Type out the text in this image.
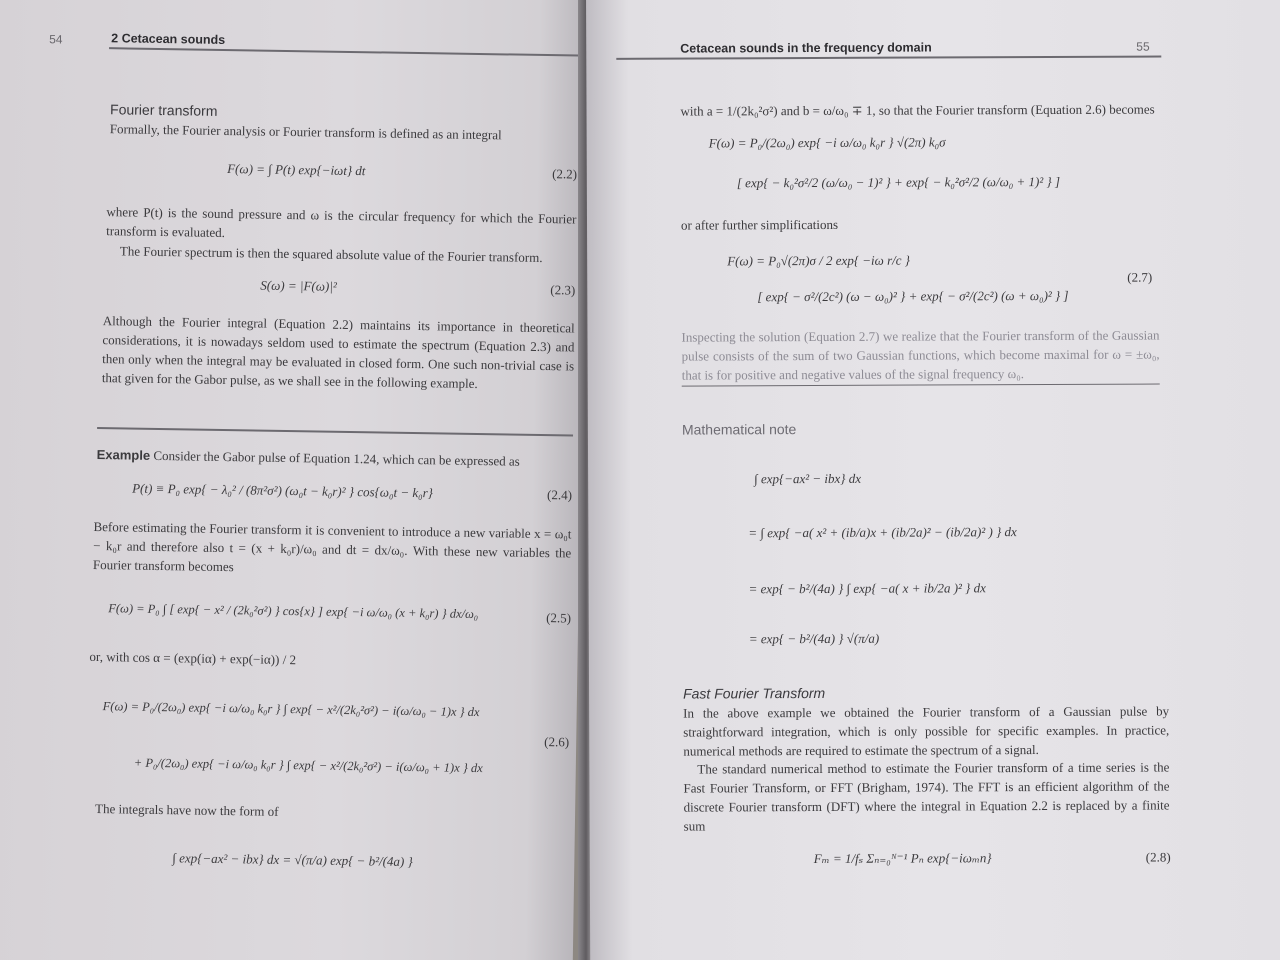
54	2 Cetacean sounds
Fourier transform
Formally, the Fourier analysis or Fourier transform is defined as an integral
F(ω) = ∫ P(t) exp{−iωt} dt	(2.2)
where P(t) is the sound pressure and ω is the circular frequency for which the Fourier transform is evaluated.
The Fourier spectrum is then the squared absolute value of the Fourier transform.
S(ω) = |F(ω)|²	(2.3)
Although the Fourier integral (Equation 2.2) maintains its importance in theoretical considerations, it is nowadays seldom used to estimate the spectrum (Equation 2.3) and then only when the integral may be evaluated in closed form. One such non-trivial case is that given for the Gabor pulse, as we shall see in the following example.
Example Consider the Gabor pulse of Equation 1.24, which can be expressed as
P(t) ≡ P₀ exp{ − λ₀² / (8π²σ²) (ω₀t − k₀r)² } cos{ω₀t − k₀r}	(2.4)
Before estimating the Fourier transform it is convenient to introduce a new variable x = ω₀t − k₀r and therefore also t = (x + k₀r)/ω₀ and dt = dx/ω₀. With these new variables the Fourier transform becomes
F(ω) = P₀ ∫ [ exp{ − x² / (2k₀²σ²) } cos{x} ] exp{ −i ω/ω₀ (x + k₀r) } dx/ω₀	(2.5)
or, with cos α = (exp(iα) + exp(−iα)) / 2
F(ω) = P₀/(2ω₀) exp{ −i ω/ω₀ k₀r } ∫ exp{ − x²/(2k₀²σ²) − i(ω/ω₀ − 1)x } dx
+ P₀/(2ω₀) exp{ −i ω/ω₀ k₀r } ∫ exp{ − x²/(2k₀²σ²) − i(ω/ω₀ + 1)x } dx
(2.6)
The integrals have now the form of
∫ exp{−ax² − ibx} dx = √(π/a) exp{ − b²/(4a) }
Cetacean sounds in the frequency domain	55
with a = 1/(2k₀²σ²) and b = ω/ω₀ ∓ 1, so that the Fourier transform (Equation 2.6) becomes
F(ω) = P₀/(2ω₀) exp{ −i ω/ω₀ k₀r } √(2π) k₀σ
[ exp{ − k₀²σ²/2 (ω/ω₀ − 1)² } + exp{ − k₀²σ²/2 (ω/ω₀ + 1)² } ]
or after further simplifications
F(ω) = P₀√(2π)σ / 2 exp{ −iω r/c }
[ exp{ − σ²/(2c²) (ω − ω₀)² } + exp{ − σ²/(2c²) (ω + ω₀)² } ]
(2.7)
Inspecting the solution (Equation 2.7) we realize that the Fourier transform of the Gaussian pulse consists of the sum of two Gaussian functions, which become maximal for ω = ±ω₀, that is for positive and negative values of the signal frequency ω₀.
Mathematical note
∫ exp{−ax² − ibx} dx
= ∫ exp{ −a( x² + (ib/a)x + (ib/2a)² − (ib/2a)² ) } dx
= exp{ − b²/(4a) } ∫ exp{ −a( x + ib/2a )² } dx
= exp{ − b²/(4a) } √(π/a)
Fast Fourier Transform
In the above example we obtained the Fourier transform of a Gaussian pulse by straightforward integration, which is only possible for specific examples. In practice, numerical methods are required to estimate the spectrum of a signal.
The standard numerical method to estimate the Fourier transform of a time series is the Fast Fourier Transform, or FFT (Brigham, 1974). The FFT is an efficient algorithm of the discrete Fourier transform (DFT) where the integral in Equation 2.2 is replaced by a finite sum
Fₘ = 1/fₛ Σₙ₌₀ᴺ⁻¹ Pₙ exp{−iωₘn}	(2.8)
